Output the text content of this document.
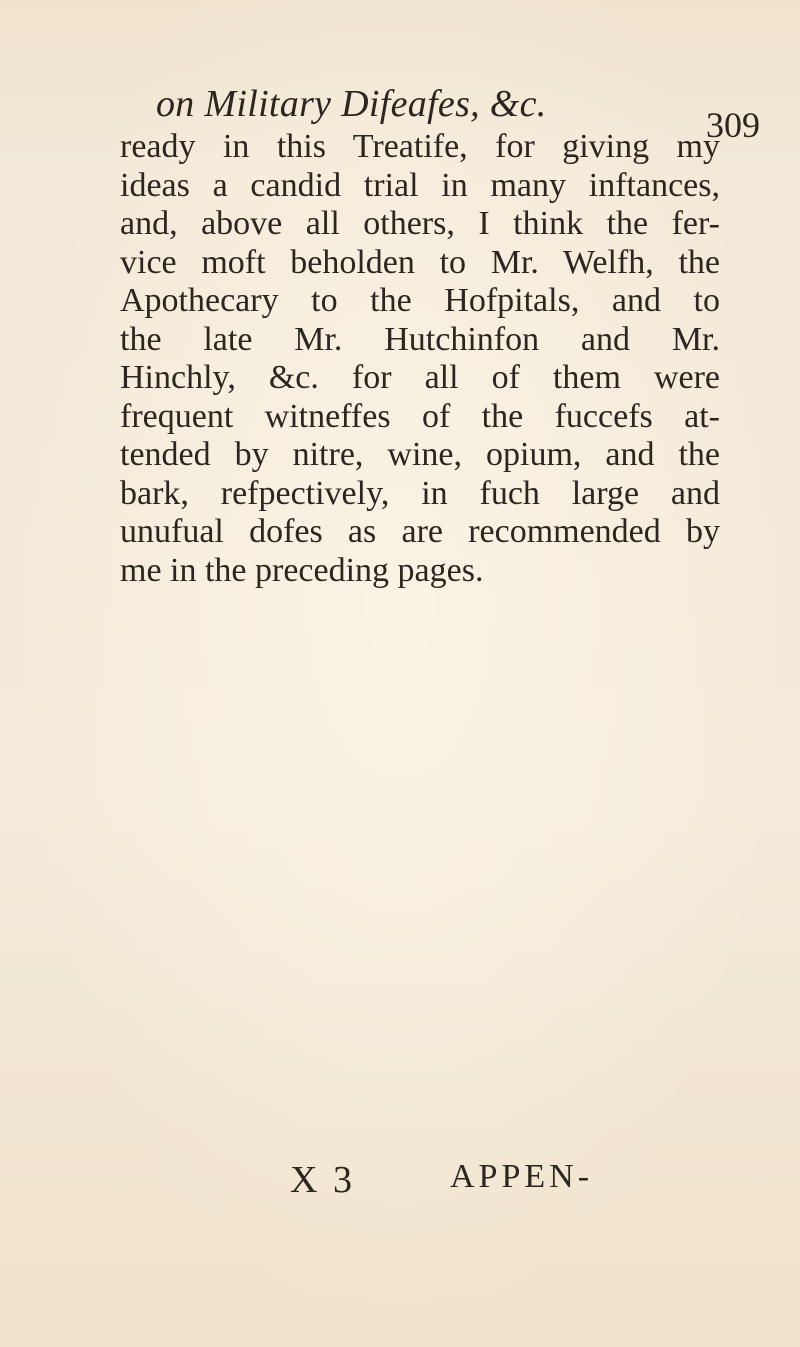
on Military Difeafes, &c.	309
ready in this Treatife, for giving my
ideas a candid trial in many inftances,
and, above all others, I think the fer-
vice moft beholden to Mr. Welfh, the
Apothecary to the Hofpitals, and to
the late Mr. Hutchinfon and Mr.
Hinchly, &c. for all of them were
frequent witneffes of the fuccefs at-
tended by nitre, wine, opium, and the
bark, refpectively, in fuch large and
unufual dofes as are recommended by
me in the preceding pages.
X 3	APPEN-
